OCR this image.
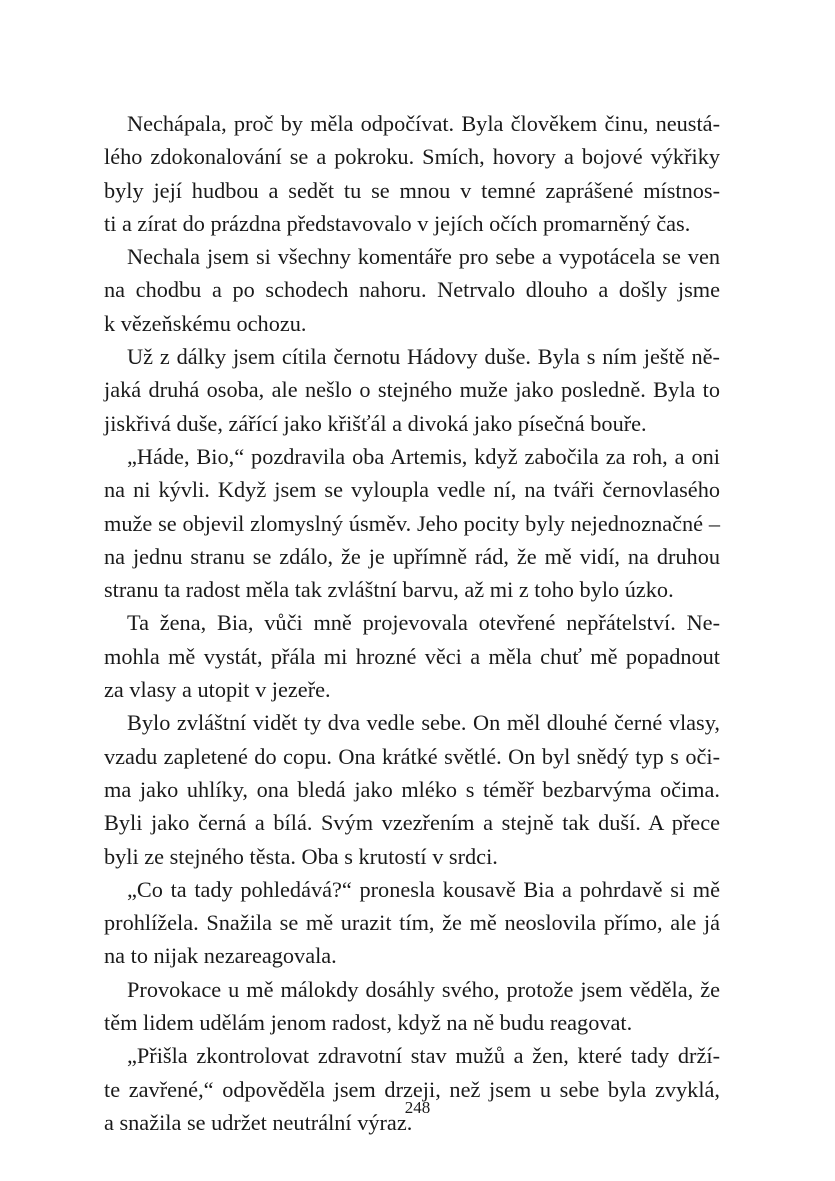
Nechápala, proč by měla odpočívat. Byla člověkem činu, neustá-
lého zdokonalování se a pokroku. Smích, hovory a bojové výkřiky
byly její hudbou a sedět tu se mnou v temné zaprášené místnos-
ti a zírat do prázdna představovalo v jejích očích promarněný čas.
Nechala jsem si všechny komentáře pro sebe a vypotácela se ven
na chodbu a po schodech nahoru. Netrvalo dlouho a došly jsme
k vězeňskému ochozu.
Už z dálky jsem cítila černotu Hádovy duše. Byla s ním ještě ně-
jaká druhá osoba, ale nešlo o stejného muže jako posledně. Byla to
jiskřivá duše, zářící jako křišťál a divoká jako písečná bouře.
„Háde, Bio,“ pozdravila oba Artemis, když zabočila za roh, a oni
na ni kývli. Když jsem se vyloupla vedle ní, na tváři černovlasého
muže se objevil zlomyslný úsměv. Jeho pocity byly nejednoznačné –
na jednu stranu se zdálo, že je upřímně rád, že mě vidí, na druhou
stranu ta radost měla tak zvláštní barvu, až mi z toho bylo úzko.
Ta žena, Bia, vůči mně projevovala otevřené nepřátelství. Ne-
mohla mě vystát, přála mi hrozné věci a měla chuť mě popadnout
za vlasy a utopit v jezeře.
Bylo zvláštní vidět ty dva vedle sebe. On měl dlouhé černé vlasy,
vzadu zapletené do copu. Ona krátké světlé. On byl snědý typ s oči-
ma jako uhlíky, ona bledá jako mléko s téměř bezbarvýma očima.
Byli jako černá a bílá. Svým vzezřením a stejně tak duší. A přece
byli ze stejného těsta. Oba s krutostí v srdci.
„Co ta tady pohledává?“ pronesla kousavě Bia a pohrdavě si mě
prohlížela. Snažila se mě urazit tím, že mě neoslovila přímo, ale já
na to nijak nezareagovala.
Provokace u mě málokdy dosáhly svého, protože jsem věděla, že
těm lidem udělám jenom radost, když na ně budu reagovat.
„Přišla zkontrolovat zdravotní stav mužů a žen, které tady drží-
te zavřené,“ odpověděla jsem drzeji, než jsem u sebe byla zvyklá,
a snažila se udržet neutrální výraz.
248
